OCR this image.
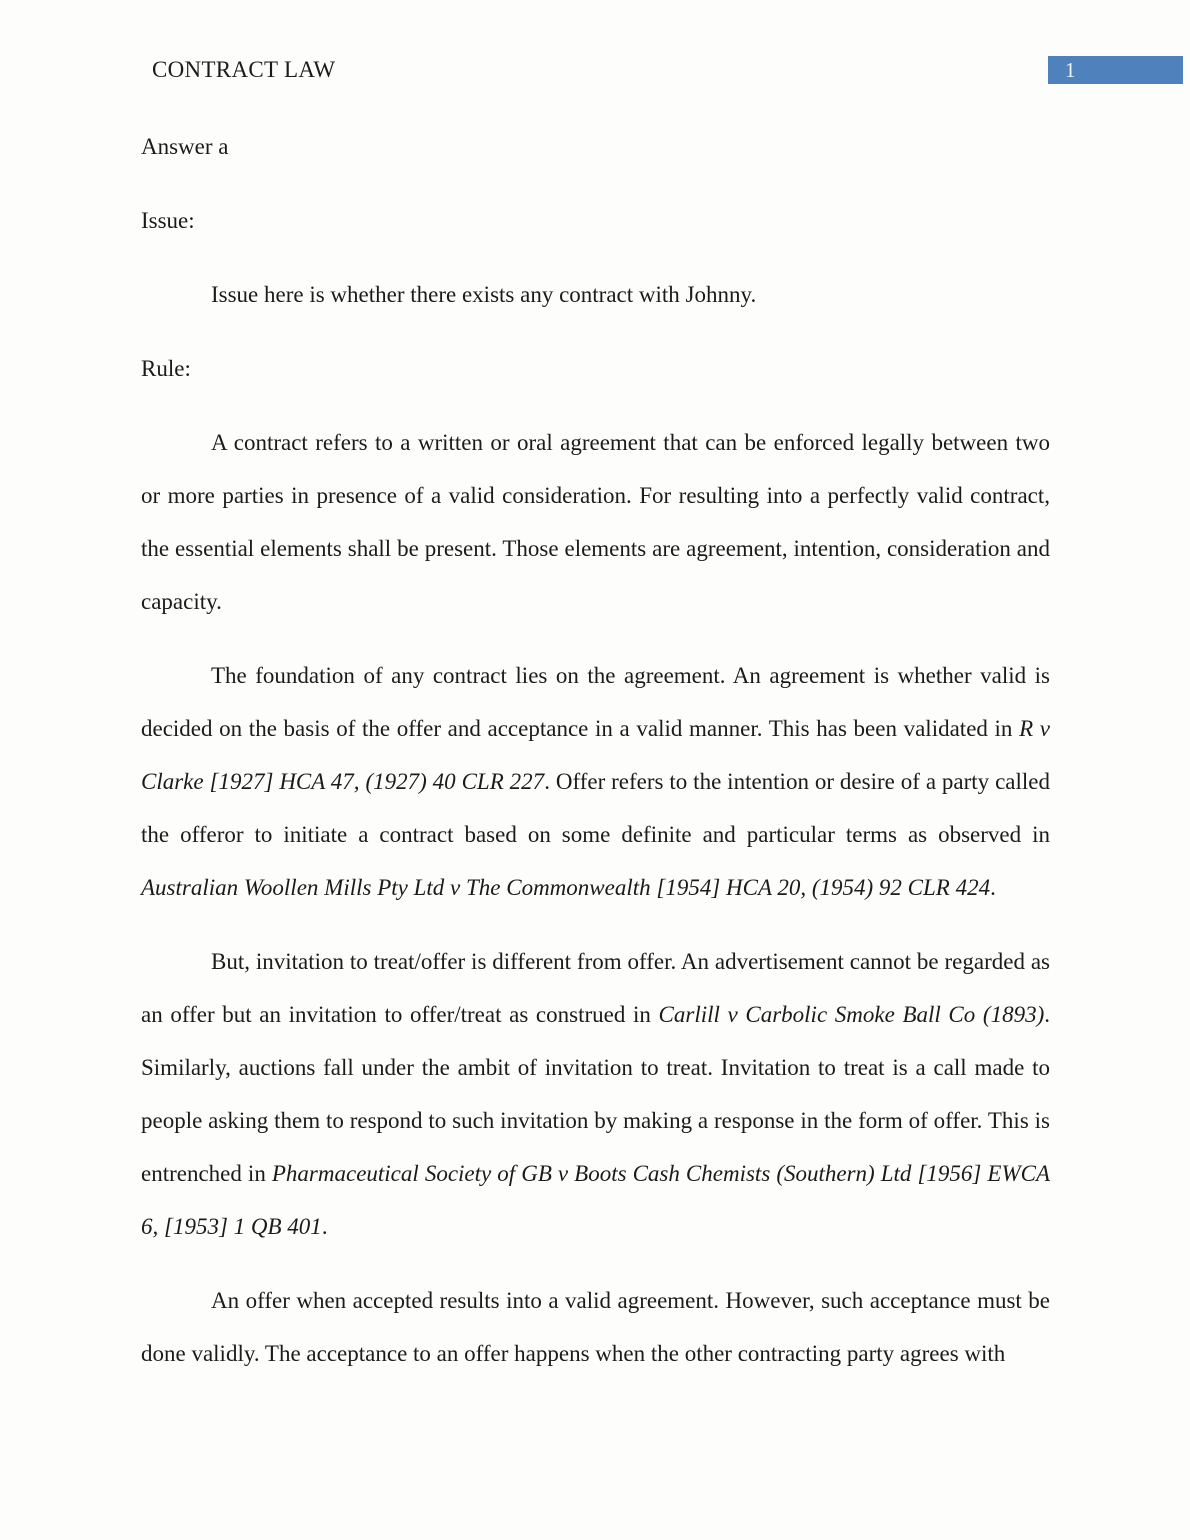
CONTRACT LAW	1

Answer a

Issue:

Issue here is whether there exists any contract with Johnny.

Rule:

A contract refers to a written or oral agreement that can be enforced legally between two or more parties in presence of a valid consideration. For resulting into a perfectly valid contract, the essential elements shall be present. Those elements are agreement, intention, consideration and capacity.

The foundation of any contract lies on the agreement. An agreement is whether valid is decided on the basis of the offer and acceptance in a valid manner. This has been validated in R v Clarke [1927] HCA 47, (1927) 40 CLR 227. Offer refers to the intention or desire of a party called the offeror to initiate a contract based on some definite and particular terms as observed in Australian Woollen Mills Pty Ltd v The Commonwealth [1954] HCA 20, (1954) 92 CLR 424.

But, invitation to treat/offer is different from offer. An advertisement cannot be regarded as an offer but an invitation to offer/treat as construed in Carlill v Carbolic Smoke Ball Co (1893). Similarly, auctions fall under the ambit of invitation to treat. Invitation to treat is a call made to people asking them to respond to such invitation by making a response in the form of offer. This is entrenched in Pharmaceutical Society of GB v Boots Cash Chemists (Southern) Ltd [1956] EWCA 6, [1953] 1 QB 401.

An offer when accepted results into a valid agreement. However, such acceptance must be done validly. The acceptance to an offer happens when the other contracting party agrees with
